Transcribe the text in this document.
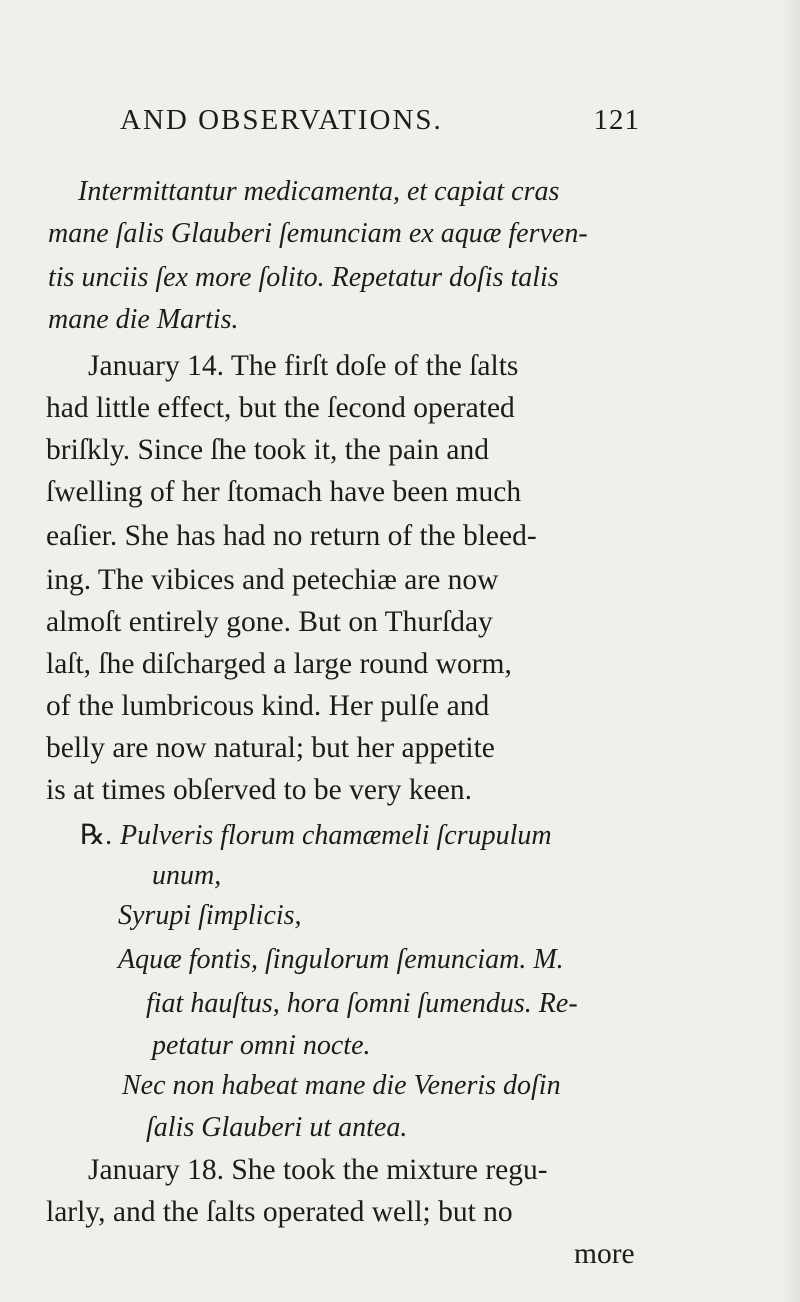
AND OBSERVATIONS.	121
Intermittantur medicamenta, et capiat cras
mane ſalis Glauberi ſemunciam ex aquæ ferven-
tis unciis ſex more ſolito. Repetatur doſis talis
mane die Martis.
January 14. The firſt doſe of the ſalts
had little effect, but the ſecond operated
briſkly. Since ſhe took it, the pain and
ſwelling of her ſtomach have been much
eaſier. She has had no return of the bleed-
ing. The vibices and petechiæ are now
almoſt entirely gone. But on Thurſday
laſt, ſhe diſcharged a large round worm,
of the lumbricous kind. Her pulſe and
belly are now natural; but her appetite
is at times obſerved to be very keen.
℞. Pulveris florum chamæmeli ſcrupulum
unum,
Syrupi ſimplicis,
Aquæ fontis, ſingulorum ſemunciam. M.
fiat hauſtus, hora ſomni ſumendus. Re-
petatur omni nocte.
Nec non habeat mane die Veneris doſin
ſalis Glauberi ut antea.
January 18. She took the mixture regu-
larly, and the ſalts operated well; but no
more
